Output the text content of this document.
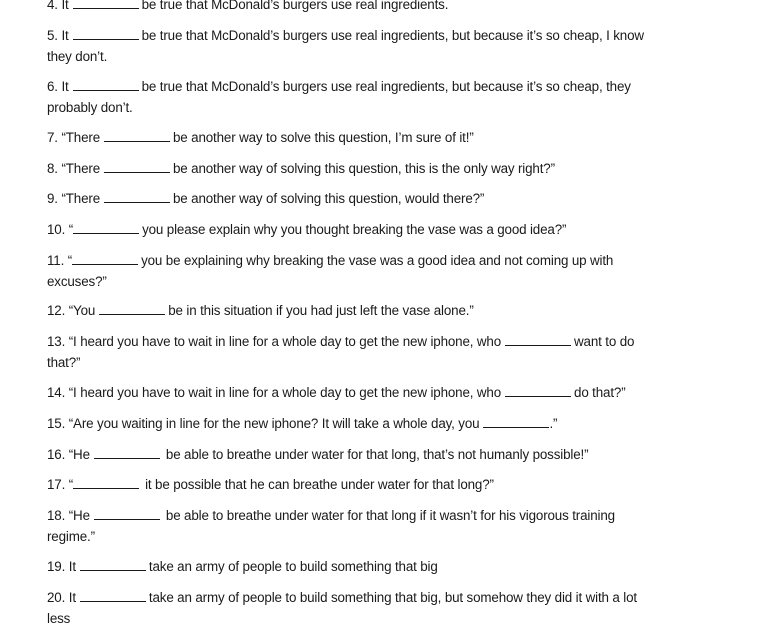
4. It	be true that McDonald’s burgers use real ingredients.
5. It	be true that McDonald’s burgers use real ingredients, but because it’s so cheap, I know
they don’t.
6. It	be true that McDonald’s burgers use real ingredients, but because it’s so cheap, they
probably don’t.
7. “There	be another way to solve this question, I’m sure of it!”
8. “There	be another way of solving this question, this is the only way right?”
9. “There	be another way of solving this question, would there?”
10. “	you please explain why you thought breaking the vase was a good idea?”
11. “	you be explaining why breaking the vase was a good idea and not coming up with
excuses?”
12. “You	be in this situation if you had just left the vase alone.”
13. “I heard you have to wait in line for a whole day to get the new iphone, who	want to do
that?”
14. “I heard you have to wait in line for a whole day to get the new iphone, who	do that?”
15. “Are you waiting in line for the new iphone? It will take a whole day, you	.”
16. “He	be able to breathe under water for that long, that’s not humanly possible!”
17. “	it be possible that he can breathe under water for that long?”
18. “He	be able to breathe under water for that long if it wasn’t for his vigorous training
regime.”
19. It	take an army of people to build something that big
20. It	take an army of people to build something that big, but somehow they did it with a lot
less
